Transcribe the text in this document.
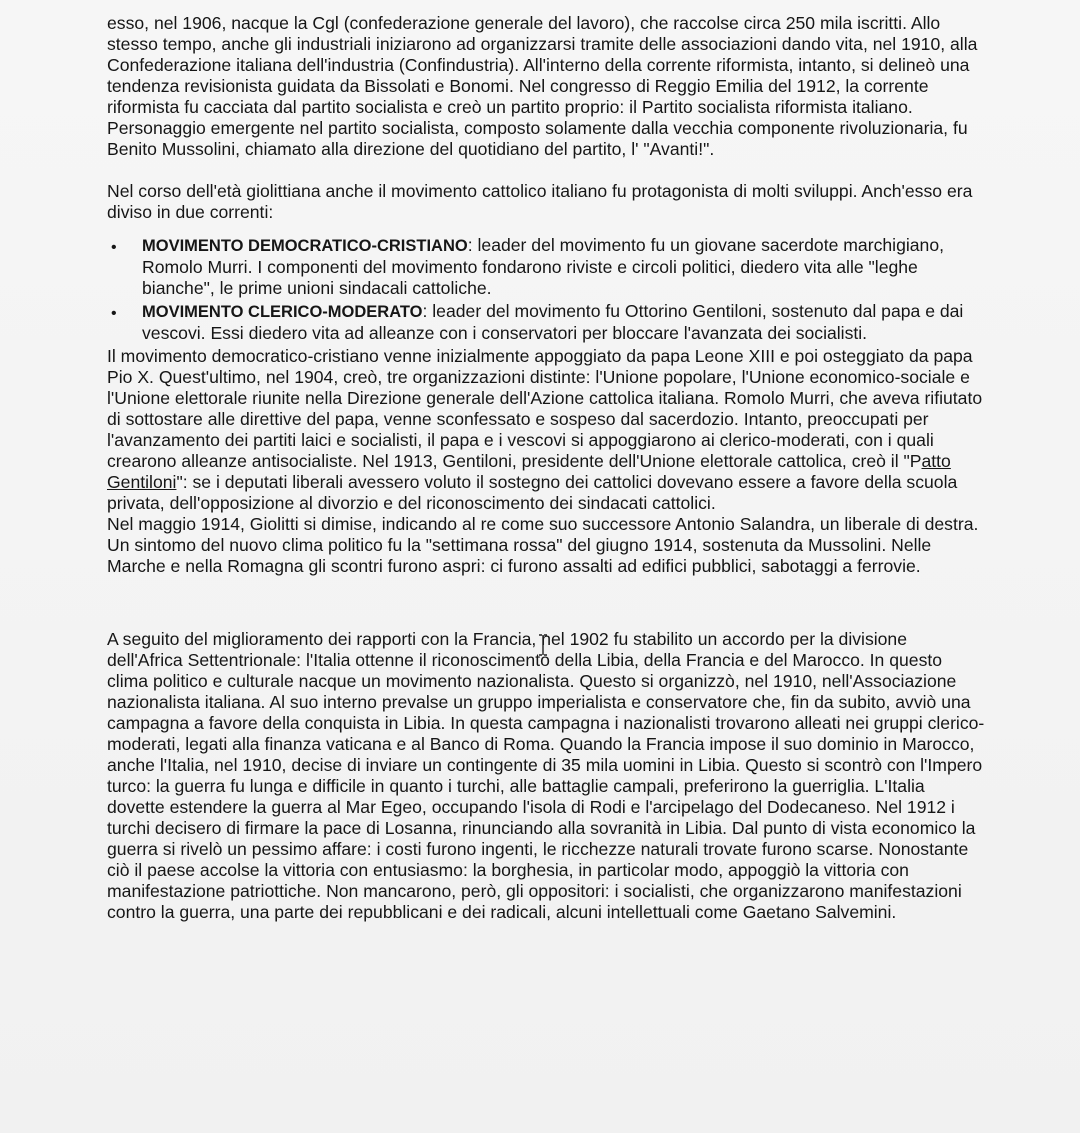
esso, nel 1906, nacque la Cgl (confederazione generale del lavoro), che raccolse circa 250 mila iscritti. Allo stesso tempo, anche gli industriali iniziarono ad organizzarsi tramite delle associazioni dando vita, nel 1910, alla Confederazione italiana dell'industria (Confindustria). All'interno della corrente riformista, intanto, si delineò una tendenza revisionista guidata da Bissolati e Bonomi. Nel congresso di Reggio Emilia del 1912, la corrente riformista fu cacciata dal partito socialista e creò un partito proprio: il Partito socialista riformista italiano. Personaggio emergente nel partito socialista, composto solamente dalla vecchia componente rivoluzionaria, fu Benito Mussolini, chiamato alla direzione del quotidiano del partito, l' "Avanti!".

Nel corso dell'età giolittiana anche il movimento cattolico italiano fu protagonista di molti sviluppi. Anch'esso era diviso in due correnti:

• MOVIMENTO DEMOCRATICO-CRISTIANO: leader del movimento fu un giovane sacerdote marchigiano, Romolo Murri. I componenti del movimento fondarono riviste e circoli politici, diedero vita alle "leghe bianche", le prime unioni sindacali cattoliche.
• MOVIMENTO CLERICO-MODERATO: leader del movimento fu Ottorino Gentiloni, sostenuto dal papa e dai vescovi. Essi diedero vita ad alleanze con i conservatori per bloccare l'avanzata dei socialisti.

Il movimento democratico-cristiano venne inizialmente appoggiato da papa Leone XIII e poi osteggiato da papa Pio X. Quest'ultimo, nel 1904, creò, tre organizzazioni distinte: l'Unione popolare, l'Unione economico-sociale e l'Unione elettorale riunite nella Direzione generale dell'Azione cattolica italiana. Romolo Murri, che aveva rifiutato di sottostare alle direttive del papa, venne sconfessato e sospeso dal sacerdozio. Intanto, preoccupati per l'avanzamento dei partiti laici e socialisti, il papa e i vescovi si appoggiarono ai clerico-moderati, con i quali crearono alleanze antisocialiste. Nel 1913, Gentiloni, presidente dell'Unione elettorale cattolica, creò il "Patto Gentiloni": se i deputati liberali avessero voluto il sostegno dei cattolici dovevano essere a favore della scuola privata, dell'opposizione al divorzio e del riconoscimento dei sindacati cattolici.

Nel maggio 1914, Giolitti si dimise, indicando al re come suo successore Antonio Salandra, un liberale di destra. Un sintomo del nuovo clima politico fu la "settimana rossa" del giugno 1914, sostenuta da Mussolini. Nelle Marche e nella Romagna gli scontri furono aspri: ci furono assalti ad edifici pubblici, sabotaggi a ferrovie.

A seguito del miglioramento dei rapporti con la Francia, nel 1902 fu stabilito un accordo per la divisione dell'Africa Settentrionale: l'Italia ottenne il riconoscimento della Libia, della Francia e del Marocco. In questo clima politico e culturale nacque un movimento nazionalista. Questo si organizzò, nel 1910, nell'Associazione nazionalista italiana. Al suo interno prevalse un gruppo imperialista e conservatore che, fin da subito, avviò una campagna a favore della conquista in Libia. In questa campagna i nazionalisti trovarono alleati nei gruppi clerico-moderati, legati alla finanza vaticana e al Banco di Roma. Quando la Francia impose il suo dominio in Marocco, anche l'Italia, nel 1910, decise di inviare un contingente di 35 mila uomini in Libia. Questo si scontrò con l'Impero turco: la guerra fu lunga e difficile in quanto i turchi, alle battaglie campali, preferirono la guerriglia. L'Italia dovette estendere la guerra al Mar Egeo, occupando l'isola di Rodi e l'arcipelago del Dodecaneso. Nel 1912 i turchi decisero di firmare la pace di Losanna, rinunciando alla sovranità in Libia. Dal punto di vista economico la guerra si rivelò un pessimo affare: i costi furono ingenti, le ricchezze naturali trovate furono scarse. Nonostante ciò il paese accolse la vittoria con entusiasmo: la borghesia, in particolar modo, appoggiò la vittoria con manifestazione patriottiche. Non mancarono, però, gli oppositori: i socialisti, che organizzarono manifestazioni contro la guerra, una parte dei repubblicani e dei radicali, alcuni intellettuali come Gaetano Salvemini.
